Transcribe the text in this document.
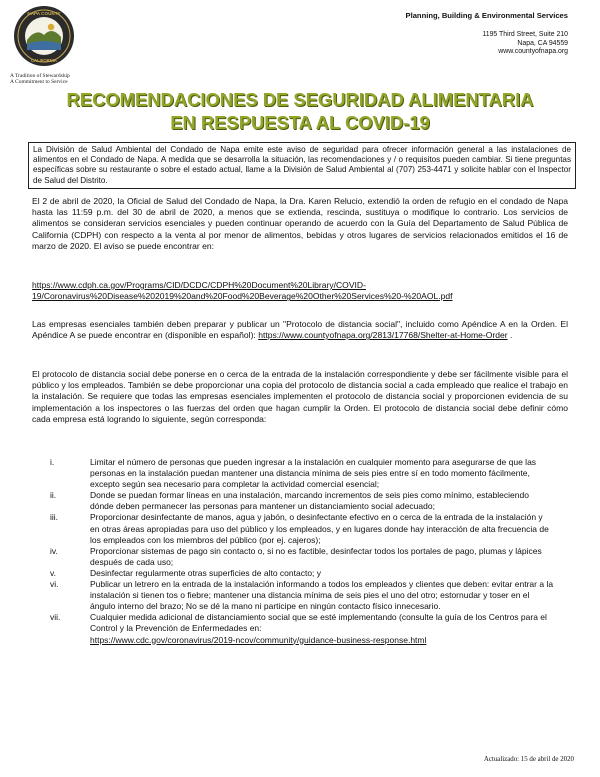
NAPA COUNTY
CALIFORNIA
A Tradition of Stewardship
A Commitment to Service
Planning, Building & Environmental Services
1195 Third Street, Suite 210
Napa, CA 94559
www.countyofnapa.org
RECOMENDACIONES DE SEGURIDAD ALIMENTARIA
EN RESPUESTA AL COVID-19
La División de Salud Ambiental del Condado de Napa emite este aviso de seguridad para ofrecer información general a las instalaciones de alimentos en el Condado de Napa. A medida que se desarrolla la situación, las recomendaciones y / o requisitos pueden cambiar. Si tiene preguntas específicas sobre su restaurante o sobre el estado actual, llame a la División de Salud Ambiental al (707) 253-4471 y solicite hablar con el Inspector de Salud del Distrito.
El 2 de abril de 2020, la Oficial de Salud del Condado de Napa, la Dra. Karen Relucio, extendió la orden de refugio en el condado de Napa hasta las 11:59 p.m. del 30 de abril de 2020, a menos que se extienda, rescinda, sustituya o modifique lo contrario. Los servicios de alimentos se consideran servicios esenciales y pueden continuar operando de acuerdo con la Guía del Departamento de Salud Pública de California (CDPH) con respecto a la venta al por menor de alimentos, bebidas y otros lugares de servicios relacionados emitidos el 16 de marzo de 2020. El aviso se puede encontrar en:
https://www.cdph.ca.gov/Programs/CID/DCDC/CDPH%20Document%20Library/COVID-
19/Coronavirus%20Disease%202019%20and%20Food%20Beverage%20Other%20Services%20-%20AOL.pdf
Las empresas esenciales también deben preparar y publicar un "Protocolo de distancia social", incluido como Apéndice A en la Orden. El Apéndice A se puede encontrar en (disponible en español): https://www.countyofnapa.org/2813/17768/Shelter-at-Home-Order .
El protocolo de distancia social debe ponerse en o cerca de la entrada de la instalación correspondiente y debe ser fácilmente visible para el público y los empleados. También se debe proporcionar una copia del protocolo de distancia social a cada empleado que realice el trabajo en la instalación. Se requiere que todas las empresas esenciales implementen el protocolo de distancia social y proporcionen evidencia de su implementación a los inspectores o las fuerzas del orden que hagan cumplir la Orden. El protocolo de distancia social debe definir cómo cada empresa está logrando lo siguiente, según corresponda:
i.	Limitar el número de personas que pueden ingresar a la instalación en cualquier momento para asegurarse de que las personas en la instalación puedan mantener una distancia mínima de seis pies entre sí en todo momento fácilmente, excepto según sea necesario para completar la actividad comercial esencial;
ii.	Donde se puedan formar líneas en una instalación, marcando incrementos de seis pies como mínimo, estableciendo dónde deben permanecer las personas para mantener un distanciamiento social adecuado;
iii.	Proporcionar desinfectante de manos, agua y jabón, o desinfectante efectivo en o cerca de la entrada de la instalación y en otras áreas apropiadas para uso del público y los empleados, y en lugares donde hay interacción de alta frecuencia de los empleados con los miembros del público (por ej. cajeros);
iv.	Proporcionar sistemas de pago sin contacto o, si no es factible, desinfectar todos los portales de pago, plumas y lápices después de cada uso;
v.	Desinfectar regularmente otras superficies de alto contacto; y
vi.	Publicar un letrero en la entrada de la instalación informando a todos los empleados y clientes que deben: evitar entrar a la instalación si tienen tos o fiebre; mantener una distancia mínima de seis pies el uno del otro; estornudar y toser en el ángulo interno del brazo; No se dé la mano ni participe en ningún contacto físico innecesario.
vii.	Cualquier medida adicional de distanciamiento social que se esté implementando (consulte la guía de los Centros para el Control y la Prevención de Enfermedades en:
https://www.cdc.gov/coronavirus/2019-ncov/community/guidance-business-response.html
Actualizado: 15 de abril de 2020
